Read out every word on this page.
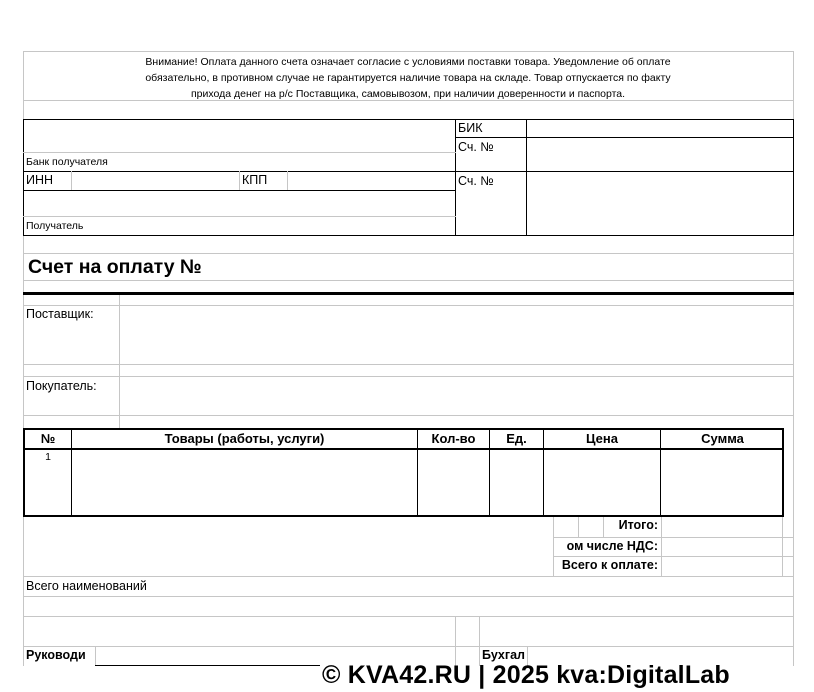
Внимание! Оплата данного счета означает согласие с условиями поставки товара. Уведомление об оплате
обязательно, в противном случае не гарантируется наличие товара на складе. Товар отпускается по факту
прихода денег на р/с Поставщика, самовывозом, при наличии доверенности и паспорта.
Банк получателя
ИНН	КПП
Получатель
БИК
Сч. №
Сч. №
Счет на оплату №
Поставщик:
Покупатель:
№	Товары (работы, услуги)	Кол-во	Ед.	Цена	Сумма
1
Итого:
ом числе НДС:
Всего к оплате:
Всего наименований
Руководи	Бухгал
© KVA42.RU | 2025 kva:DigitalLab
